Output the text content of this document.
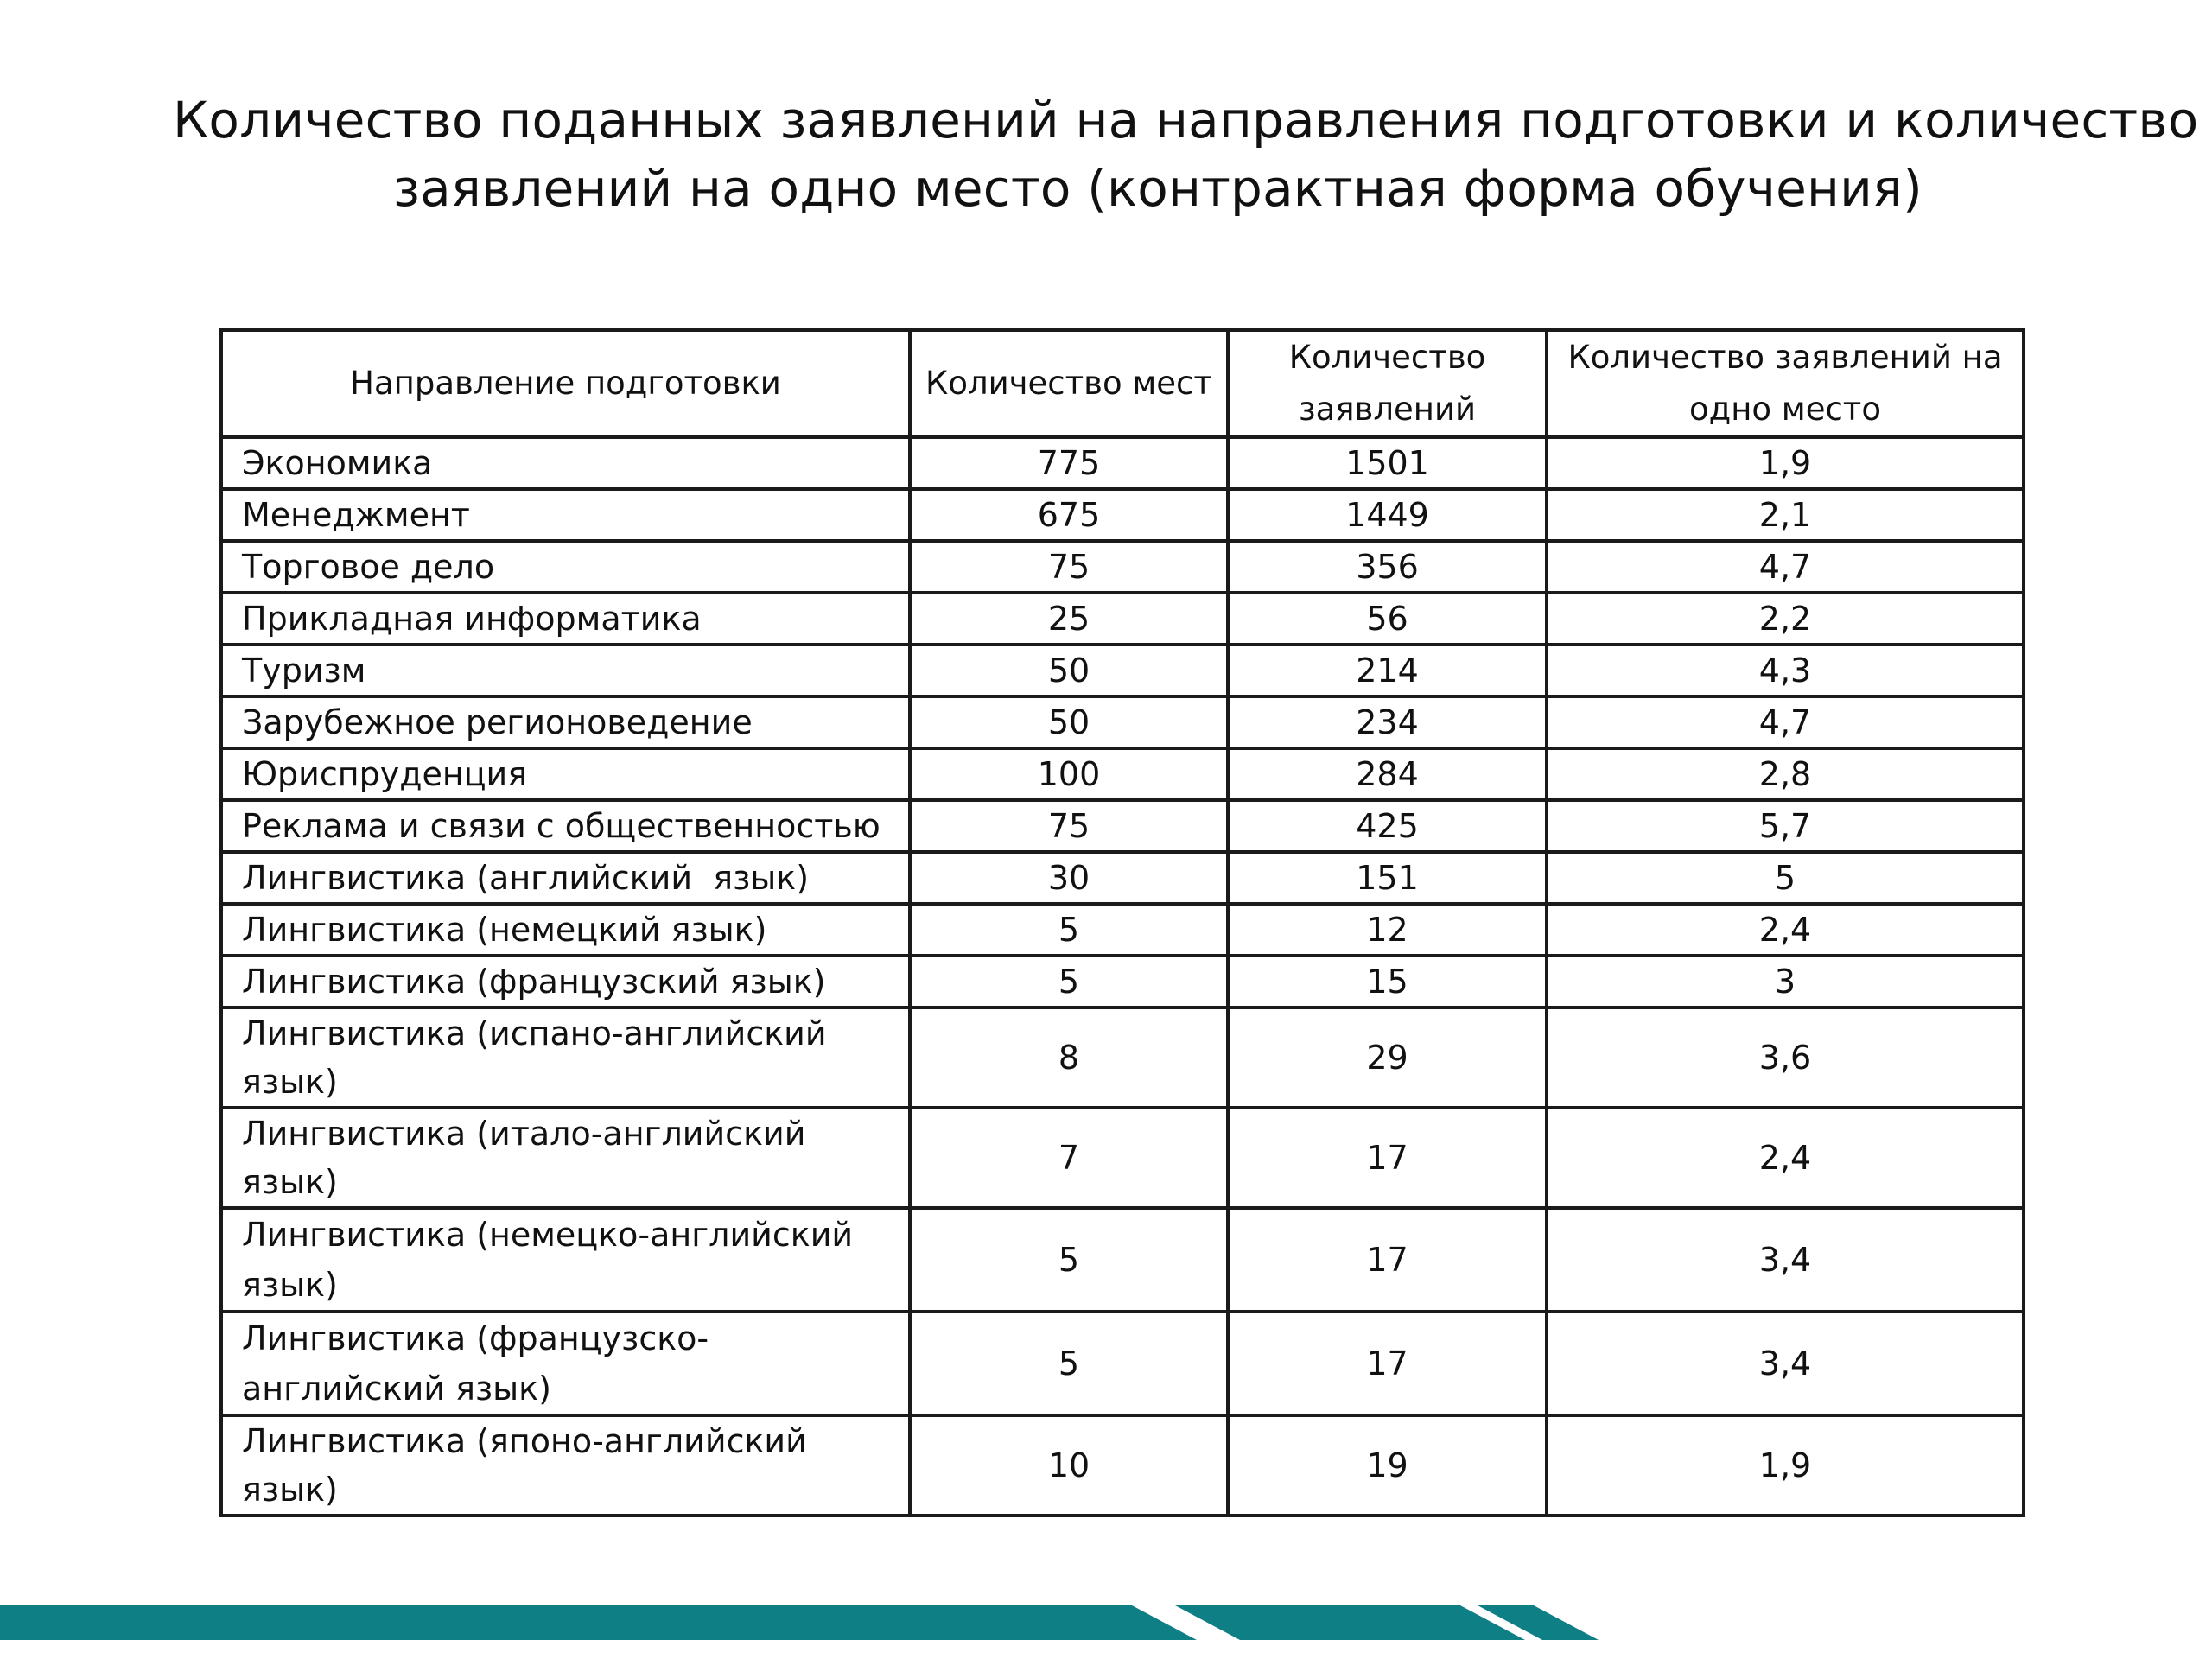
Количество поданных заявлений на направления подготовки и количество
заявлений на одно место (контрактная форма обучения)
Направление подготовки	Количество мест	Количество заявлений	Количество заявлений на одно место
Экономика	775	1501	1,9
Менеджмент	675	1449	2,1
Торговое дело	75	356	4,7
Прикладная информатика	25	56	2,2
Туризм	50	214	4,3
Зарубежное регионоведение	50	234	4,7
Юриспруденция	100	284	2,8
Реклама и связи с общественностью	75	425	5,7
Лингвистика (английский  язык)	30	151	5
Лингвистика (немецкий язык)	5	12	2,4
Лингвистика (французский язык)	5	15	3
Лингвистика (испано-английский язык)	8	29	3,6
Лингвистика (итало-английский язык)	7	17	2,4
Лингвистика (немецко-английский язык)	5	17	3,4
Лингвистика (французско-английский язык)	5	17	3,4
Лингвистика (японо-английский язык)	10	19	1,9
